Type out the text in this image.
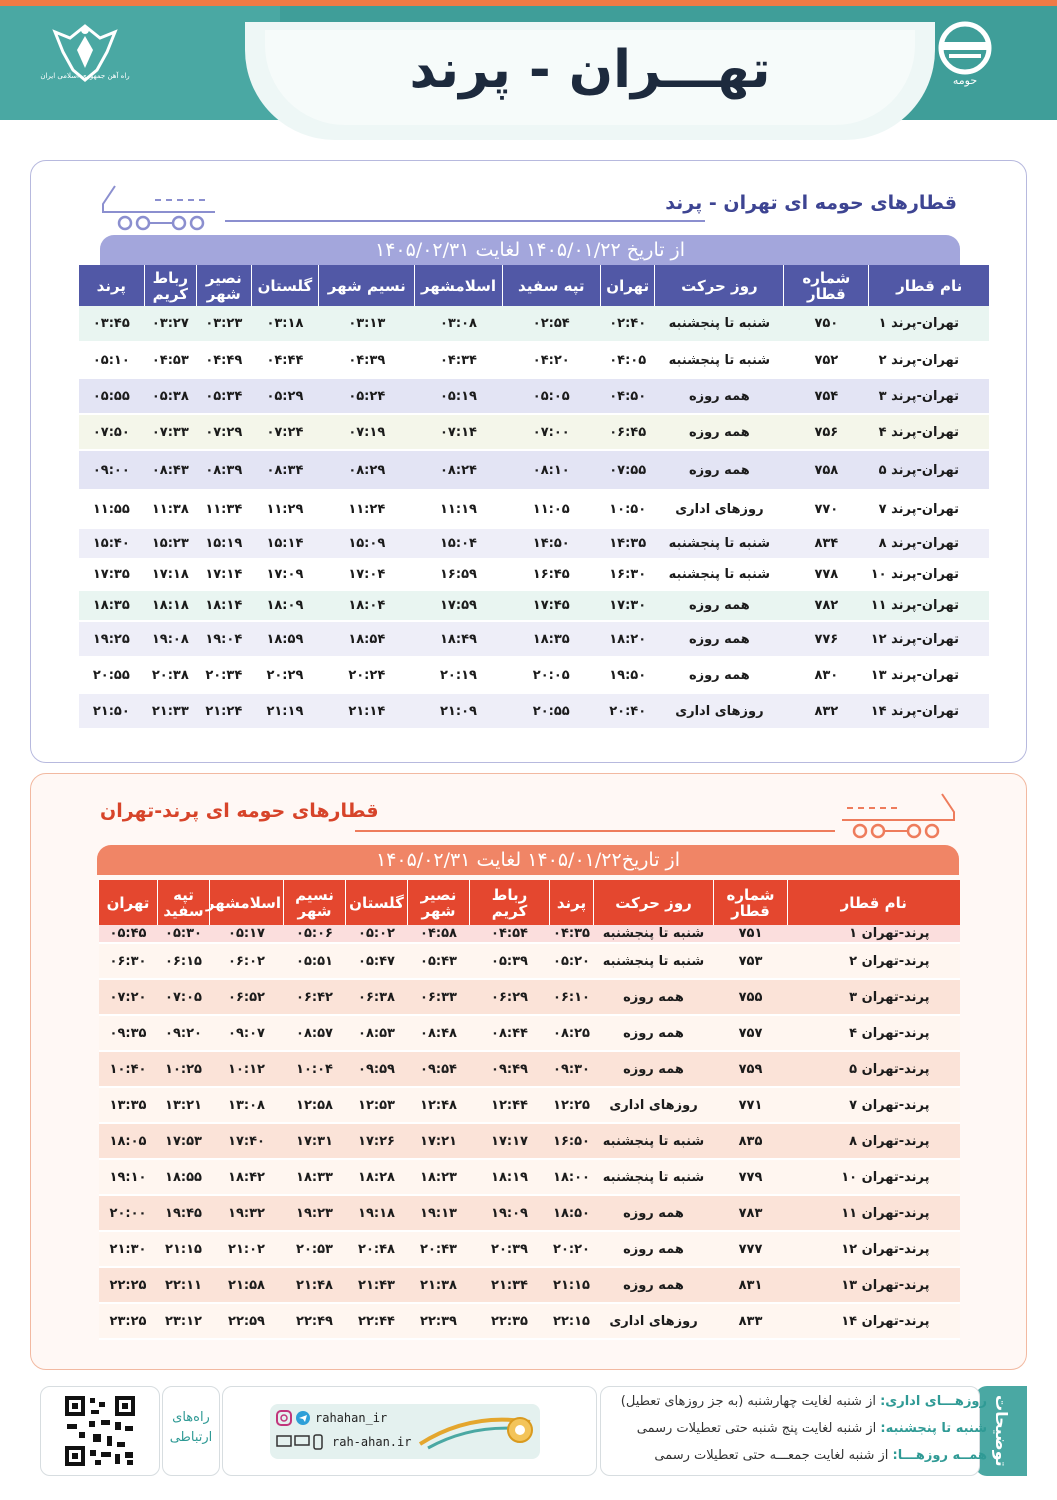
تهـــران - پرند
راه آهن جمهوری اسلامی ایران	حومه
قطارهای حومه ای تهران - پرند
از تاریخ ۱۴۰۵/۰۱/۲۲ لغایت ۱۴۰۵/۰۲/۳۱
نام قطار	شماره قطار	روز حرکت	تهران	تپه سفید	اسلامشهر	نسیم شهر	گلستان	نصیر شهر	رباط کریم	پرند
تهران-پرند ۱	۷۵۰	شنبه تا پنجشنبه	۰۲:۴۰	۰۲:۵۴	۰۳:۰۸	۰۳:۱۳	۰۳:۱۸	۰۳:۲۳	۰۳:۲۷	۰۳:۴۵
تهران-پرند ۲	۷۵۲	شنبه تا پنجشنبه	۰۴:۰۵	۰۴:۲۰	۰۴:۳۴	۰۴:۳۹	۰۴:۴۴	۰۴:۴۹	۰۴:۵۳	۰۵:۱۰
تهران-پرند ۳	۷۵۴	همه روزه	۰۴:۵۰	۰۵:۰۵	۰۵:۱۹	۰۵:۲۴	۰۵:۲۹	۰۵:۳۴	۰۵:۳۸	۰۵:۵۵
تهران-پرند ۴	۷۵۶	همه روزه	۰۶:۴۵	۰۷:۰۰	۰۷:۱۴	۰۷:۱۹	۰۷:۲۴	۰۷:۲۹	۰۷:۳۳	۰۷:۵۰
تهران-پرند ۵	۷۵۸	همه روزه	۰۷:۵۵	۰۸:۱۰	۰۸:۲۴	۰۸:۲۹	۰۸:۳۴	۰۸:۳۹	۰۸:۴۳	۰۹:۰۰
تهران-پرند ۷	۷۷۰	روزهای اداری	۱۰:۵۰	۱۱:۰۵	۱۱:۱۹	۱۱:۲۴	۱۱:۲۹	۱۱:۳۴	۱۱:۳۸	۱۱:۵۵
تهران-پرند ۸	۸۳۴	شنبه تا پنجشنبه	۱۴:۳۵	۱۴:۵۰	۱۵:۰۴	۱۵:۰۹	۱۵:۱۴	۱۵:۱۹	۱۵:۲۳	۱۵:۴۰
تهران-پرند ۱۰	۷۷۸	شنبه تا پنجشنبه	۱۶:۳۰	۱۶:۴۵	۱۶:۵۹	۱۷:۰۴	۱۷:۰۹	۱۷:۱۴	۱۷:۱۸	۱۷:۳۵
تهران-پرند ۱۱	۷۸۲	همه روزه	۱۷:۳۰	۱۷:۴۵	۱۷:۵۹	۱۸:۰۴	۱۸:۰۹	۱۸:۱۴	۱۸:۱۸	۱۸:۳۵
تهران-پرند ۱۲	۷۷۶	همه روزه	۱۸:۲۰	۱۸:۳۵	۱۸:۴۹	۱۸:۵۴	۱۸:۵۹	۱۹:۰۴	۱۹:۰۸	۱۹:۲۵
تهران-پرند ۱۳	۸۳۰	همه روزه	۱۹:۵۰	۲۰:۰۵	۲۰:۱۹	۲۰:۲۴	۲۰:۲۹	۲۰:۳۴	۲۰:۳۸	۲۰:۵۵
تهران-پرند ۱۴	۸۳۲	روزهای اداری	۲۰:۴۰	۲۰:۵۵	۲۱:۰۹	۲۱:۱۴	۲۱:۱۹	۲۱:۲۴	۲۱:۳۳	۲۱:۵۰
قطارهای حومه ای پرند-تهران
از تاریخ۱۴۰۵/۰۱/۲۲ لغایت ۱۴۰۵/۰۲/۳۱
نام قطار	شماره قطار	روز حرکت	پرند	رباط کریم	نصیر شهر	گلستان	نسیم شهر	اسلامشهر	تپه سفید	تهران
پرند-تهران ۱	۷۵۱	شنبه تا پنجشنبه	۰۴:۳۵	۰۴:۵۴	۰۴:۵۸	۰۵:۰۲	۰۵:۰۶	۰۵:۱۷	۰۵:۳۰	۰۵:۴۵
پرند-تهران ۲	۷۵۳	شنبه تا پنجشنبه	۰۵:۲۰	۰۵:۳۹	۰۵:۴۳	۰۵:۴۷	۰۵:۵۱	۰۶:۰۲	۰۶:۱۵	۰۶:۳۰
پرند-تهران ۳	۷۵۵	همه روزه	۰۶:۱۰	۰۶:۲۹	۰۶:۳۳	۰۶:۳۸	۰۶:۴۲	۰۶:۵۲	۰۷:۰۵	۰۷:۲۰
پرند-تهران ۴	۷۵۷	همه روزه	۰۸:۲۵	۰۸:۴۴	۰۸:۴۸	۰۸:۵۳	۰۸:۵۷	۰۹:۰۷	۰۹:۲۰	۰۹:۳۵
پرند-تهران ۵	۷۵۹	همه روزه	۰۹:۳۰	۰۹:۴۹	۰۹:۵۴	۰۹:۵۹	۱۰:۰۴	۱۰:۱۲	۱۰:۲۵	۱۰:۴۰
پرند-تهران ۷	۷۷۱	روزهای اداری	۱۲:۲۵	۱۲:۴۴	۱۲:۴۸	۱۲:۵۳	۱۲:۵۸	۱۳:۰۸	۱۳:۲۱	۱۳:۳۵
پرند-تهران ۸	۸۳۵	شنبه تا پنجشنبه	۱۶:۵۰	۱۷:۱۷	۱۷:۲۱	۱۷:۲۶	۱۷:۳۱	۱۷:۴۰	۱۷:۵۳	۱۸:۰۵
پرند-تهران ۱۰	۷۷۹	شنبه تا پنجشنبه	۱۸:۰۰	۱۸:۱۹	۱۸:۲۳	۱۸:۲۸	۱۸:۳۳	۱۸:۴۲	۱۸:۵۵	۱۹:۱۰
پرند-تهران ۱۱	۷۸۳	همه روزه	۱۸:۵۰	۱۹:۰۹	۱۹:۱۳	۱۹:۱۸	۱۹:۲۳	۱۹:۳۲	۱۹:۴۵	۲۰:۰۰
پرند-تهران ۱۲	۷۷۷	همه روزه	۲۰:۲۰	۲۰:۳۹	۲۰:۴۳	۲۰:۴۸	۲۰:۵۳	۲۱:۰۲	۲۱:۱۵	۲۱:۳۰
پرند-تهران ۱۳	۸۳۱	همه روزه	۲۱:۱۵	۲۱:۳۴	۲۱:۳۸	۲۱:۴۳	۲۱:۴۸	۲۱:۵۸	۲۲:۱۱	۲۲:۲۵
پرند-تهران ۱۴	۸۳۳	روزهای اداری	۲۲:۱۵	۲۲:۳۵	۲۲:۳۹	۲۲:۴۴	۲۲:۴۹	۲۲:۵۹	۲۳:۱۲	۲۳:۲۵
توضیحات
روزهـــای اداری: از شنبه لغایت چهارشنبه (به جز روزهای تعطیل)
شنبه تا پنجشنبه: از شنبه لغایت پنج شنبه حتی تعطیلات رسمی
همــه روزهـــا: از شنبه لغایت جمعـــه حتی تعطیلات رسمی
rahahan_ir
rah-ahan.ir
راه‌های
ارتباطی
